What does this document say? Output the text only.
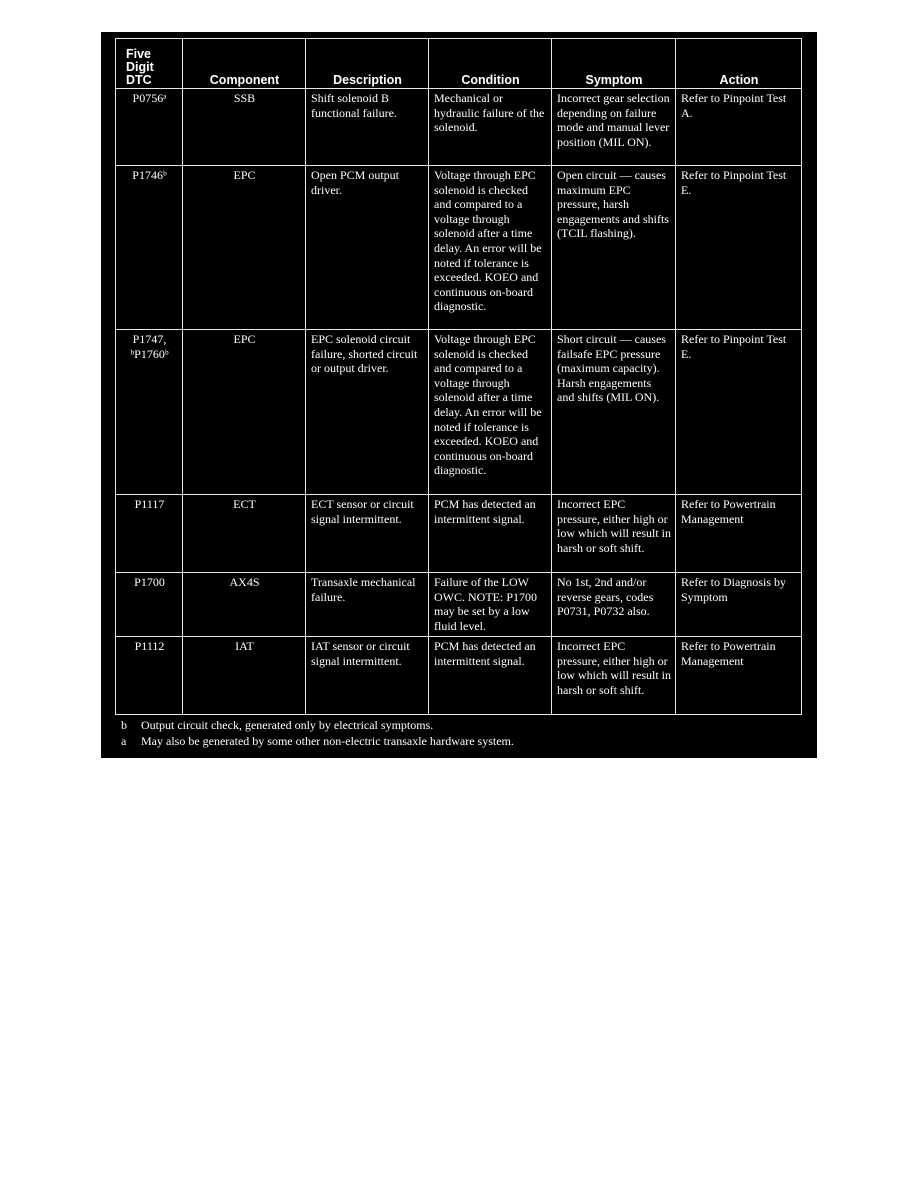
Five Digit DTC	Component	Description	Condition	Symptom	Action
P0756ᵃ	SSB	Shift solenoid B functional failure.	Mechanical or hydraulic failure of the solenoid.	Incorrect gear selection depending on failure mode and manual lever position (MIL ON).	Refer to Pinpoint Test A.
P1746ᵇ	EPC	Open PCM output driver.	Voltage through EPC solenoid is checked and compared to a voltage through solenoid after a time delay. An error will be noted if tolerance is exceeded. KOEO and continuous on-board diagnostic.	Open circuit — causes maximum EPC pressure, harsh engagements and shifts (TCIL flashing).	Refer to Pinpoint Test E.
P1747, ᵇP1760ᵇ	EPC	EPC solenoid circuit failure, shorted circuit or output driver.	Voltage through EPC solenoid is checked and compared to a voltage through solenoid after a time delay. An error will be noted if tolerance is exceeded. KOEO and continuous on-board diagnostic.	Short circuit — causes failsafe EPC pressure (maximum capacity). Harsh engagements and shifts (MIL ON).	Refer to Pinpoint Test E.
P1117	ECT	ECT sensor or circuit signal intermittent.	PCM has detected an intermittent signal.	Incorrect EPC pressure, either high or low which will result in harsh or soft shift.	Refer to Powertrain Management
P1700	AX4S	Transaxle mechanical failure.	Failure of the LOW OWC. NOTE: P1700 may be set by a low fluid level.	No 1st, 2nd and/or reverse gears, codes P0731, P0732 also.	Refer to Diagnosis by Symptom
P1112	IAT	IAT sensor or circuit signal intermittent.	PCM has detected an intermittent signal.	Incorrect EPC pressure, either high or low which will result in harsh or soft shift.	Refer to Powertrain Management
b Output circuit check, generated only by electrical symptoms.
a May also be generated by some other non-electric transaxle hardware system.
